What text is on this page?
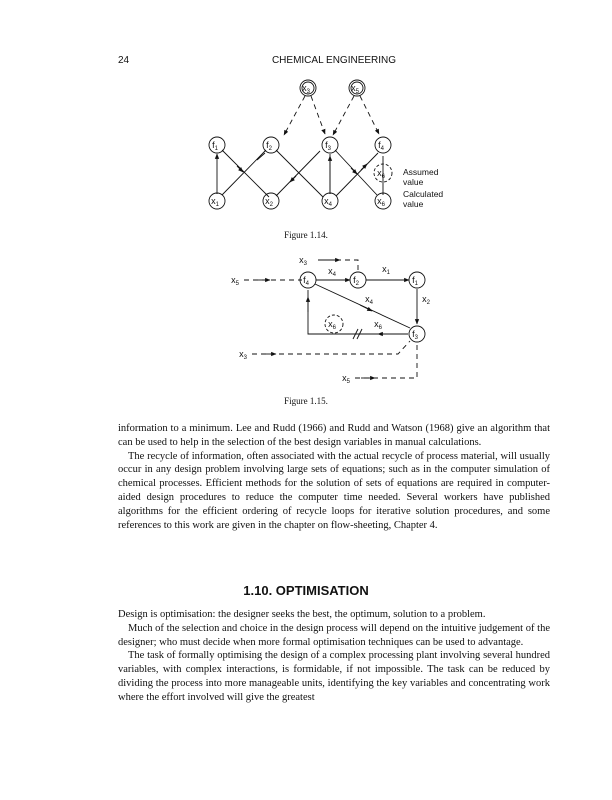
24	CHEMICAL ENGINEERING
$x_3$	$x_5$
$f_1$	$f_2$	$f_3$	$f_4$
$x_1$	$x_2$	$x_4$	$x_6$
$x_6$ Assumed
value
Calculated
value
$f_4$	$f_2$	$f_1$
$f_3$
$x_6$
$x_3$
$x_5$
$x_4$
$x_1$
$x_2$
$x_4$
$x_6$
$x_3$
$x_5$
Figure 1.14.
Figure 1.15.

information to a minimum. Lee and Rudd (1966) and Rudd and Watson (1968) give an algorithm that can be used to help in the selection of the best design variables in manual calculations.

The recycle of information, often associated with the actual recycle of process material, will usually occur in any design problem involving large sets of equations; such as in the computer simulation of chemical processes. Efficient methods for the solution of sets of equations are required in computer-aided design procedures to reduce the computer time needed. Several workers have published algorithms for the efficient ordering of recycle loops for iterative solution procedures, and some references to this work are given in the chapter on flow-sheeting, Chapter 4.

1.10. OPTIMISATION

Design is optimisation: the designer seeks the best, the optimum, solution to a problem.

Much of the selection and choice in the design process will depend on the intuitive judgement of the designer; who must decide when more formal optimisation techniques can be used to advantage.

The task of formally optimising the design of a complex processing plant involving several hundred variables, with complex interactions, is formidable, if not impossible. The task can be reduced by dividing the process into more manageable units, identifying the key variables and concentrating work where the effort involved will give the greatest
